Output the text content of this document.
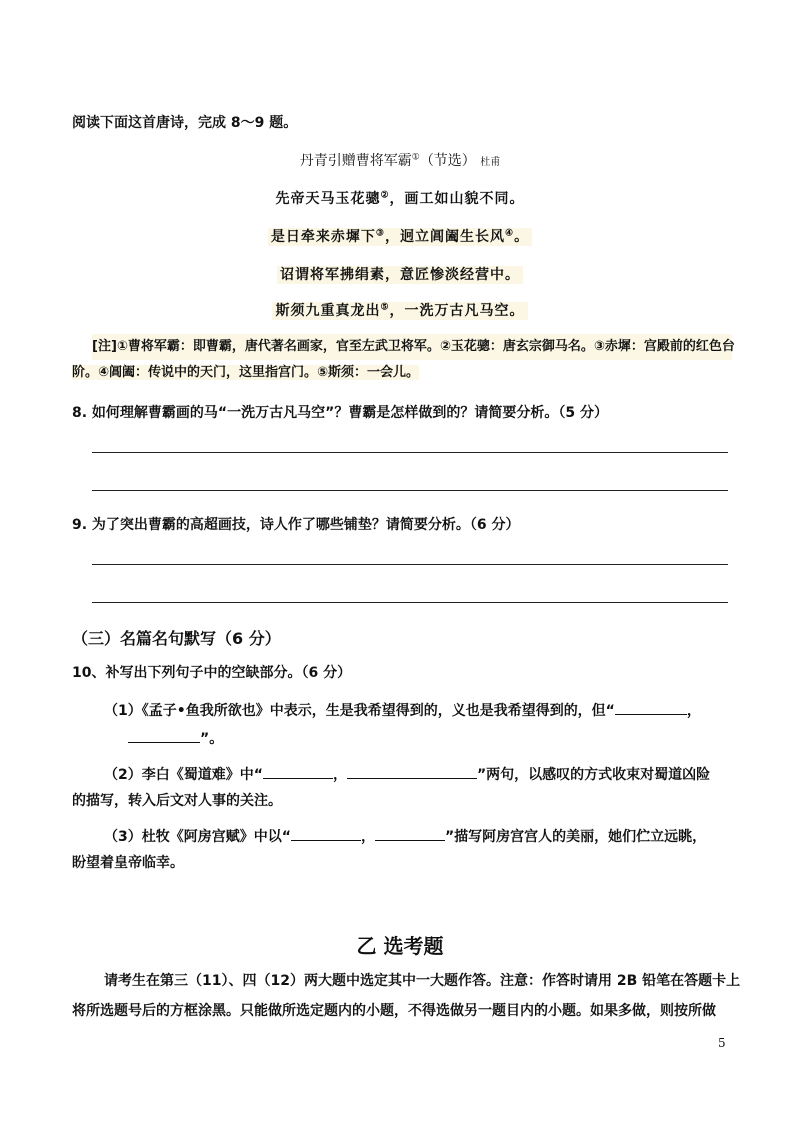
阅读下面这首唐诗，完成 8～9 题。
丹青引赠曹将军霸①（节选） 杜甫
先帝天马玉花骢②，画工如山貌不同。
是日牵来赤墀下③，迥立阊阖生长风④。
诏谓将军拂绢素，意匠惨淡经营中。
斯须九重真龙出⑤，一洗万古凡马空。
[注]①曹将军霸：即曹霸，唐代著名画家，官至左武卫将军。②玉花骢：唐玄宗御马名。③赤墀：宫殿前的红色台
阶。④阊阖：传说中的天门，这里指宫门。⑤斯须：一会儿。
8. 如何理解曹霸画的马“一洗万古凡马空”？曹霸是怎样做到的？请简要分析。（5 分）
9. 为了突出曹霸的高超画技，诗人作了哪些铺垫？请简要分析。（6 分）
（三）名篇名句默写（6 分）
10、补写出下列句子中的空缺部分。（6 分）
（1）《孟子•鱼我所欲也》中表示，生是我希望得到的，义也是我希望得到的，但“	，
”。
（2）李白《蜀道难》中“	，	”两句，以感叹的方式收束对蜀道凶险
的描写，转入后文对人事的关注。
（3）杜牧《阿房宫赋》中以“	，	”描写阿房宫宫人的美丽，她们伫立远眺，
盼望着皇帝临幸。
乙 选考题
请考生在第三（11）、四（12）两大题中选定其中一大题作答。注意：作答时请用 2B 铅笔在答题卡上
将所选题号后的方框涂黑。只能做所选定题内的小题，不得选做另一题目内的小题。如果多做，则按所做
5
